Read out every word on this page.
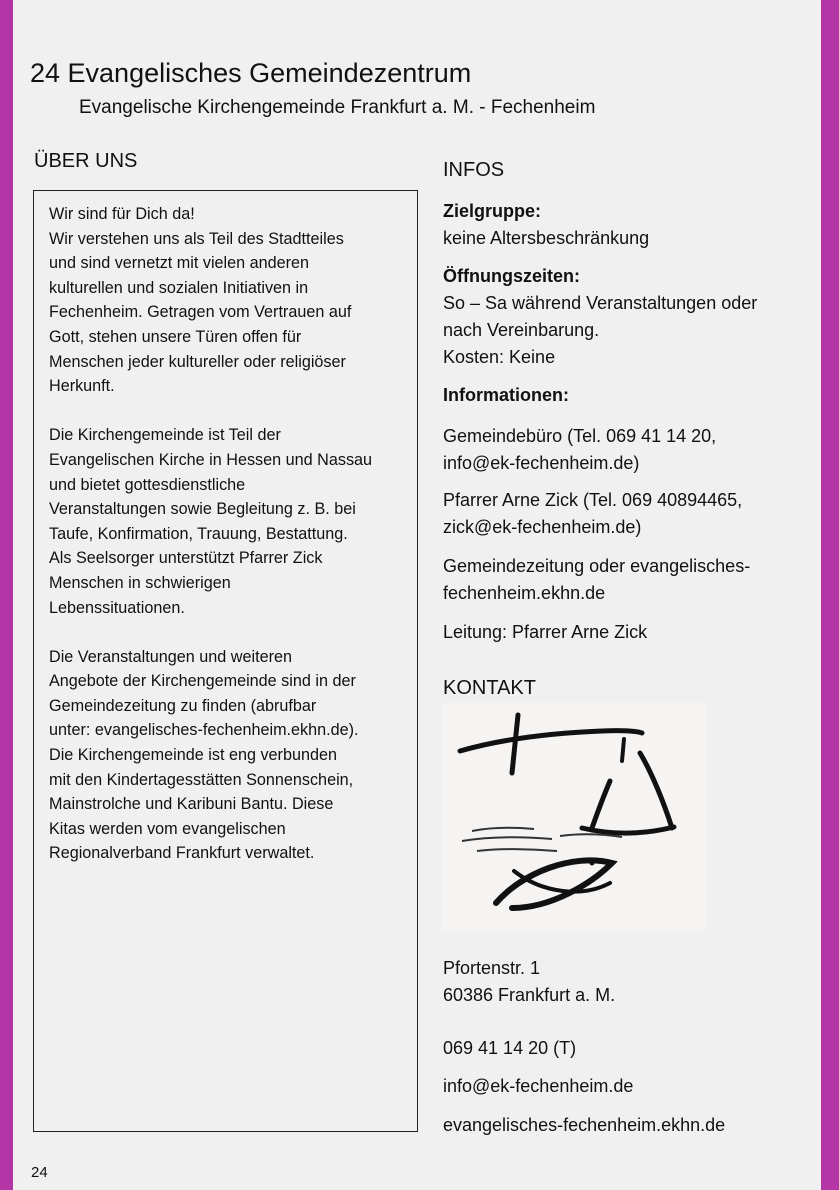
24 Evangelisches Gemeindezentrum
Evangelische Kirchengemeinde Frankfurt a. M. - Fechenheim
ÜBER UNS

Wir sind für Dich da!
Wir verstehen uns als Teil des Stadtteiles
und sind vernetzt mit vielen anderen
kulturellen und sozialen Initiativen in
Fechenheim. Getragen vom Vertrauen auf
Gott, stehen unsere Türen offen für
Menschen jeder kultureller oder religiöser
Herkunft.

Die Kirchengemeinde ist Teil der
Evangelischen Kirche in Hessen und Nassau
und bietet gottesdienstliche
Veranstaltungen sowie Begleitung z. B. bei
Taufe, Konfirmation, Trauung, Bestattung.
Als Seelsorger unterstützt Pfarrer Zick
Menschen in schwierigen
Lebenssituationen.

Die Veranstaltungen und weiteren
Angebote der Kirchengemeinde sind in der
Gemeindezeitung zu finden (abrufbar
unter: evangelisches-fechenheim.ekhn.de).
Die Kirchengemeinde ist eng verbunden
mit den Kindertagesstätten Sonnenschein,
Mainstrolche und Karibuni Bantu. Diese
Kitas werden vom evangelischen
Regionalverband Frankfurt verwaltet.

INFOS
Zielgruppe:
keine Altersbeschränkung
Öffnungszeiten:
So – Sa während Veranstaltungen oder
nach Vereinbarung.
Kosten: Keine
Informationen:
Gemeindebüro (Tel. 069 41 14 20,
info@ek-fechenheim.de)
Pfarrer Arne Zick (Tel. 069 40894465,
zick@ek-fechenheim.de)
Gemeindezeitung oder evangelisches-
fechenheim.ekhn.de
Leitung: Pfarrer Arne Zick
KONTAKT
Pfortenstr. 1
60386 Frankfurt a. M.
069 41 14 20 (T)
info@ek-fechenheim.de
evangelisches-fechenheim.ekhn.de
24
